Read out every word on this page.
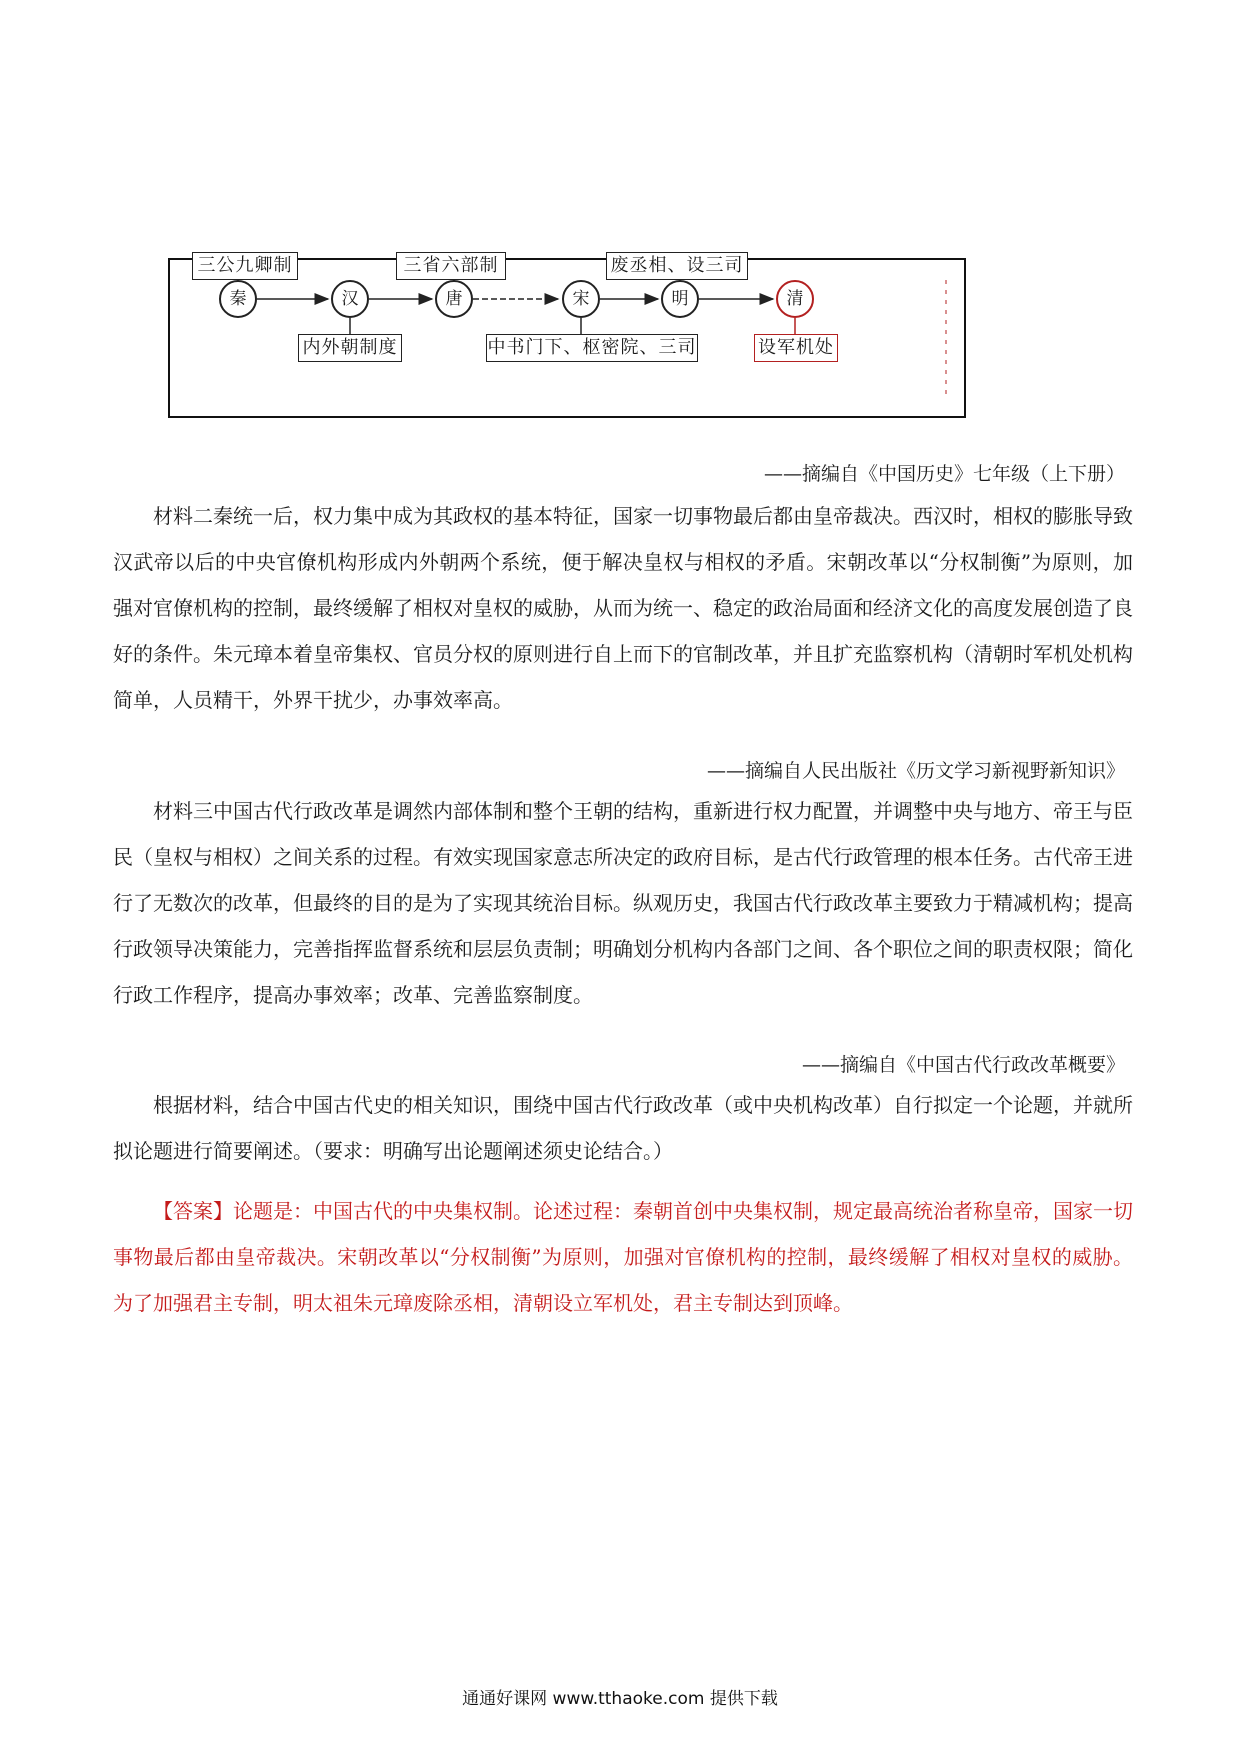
三公九卿制	三省六部制	废丞相、设三司
秦	汉	唐	宋	明	清
内外朝制度	中书门下、枢密院、三司	设军机处
——摘编自《中国历史》七年级（上下册）

材料二秦统一后，权力集中成为其政权的基本特征，国家一切事物最后都由皇帝裁决。西汉时，相权的膨胀导致汉武帝以后的中央官僚机构形成内外朝两个系统，便于解决皇权与相权的矛盾。宋朝改革以“分权制衡”为原则，加强对官僚机构的控制，最终缓解了相权对皇权的威胁，从而为统一、稳定的政治局面和经济文化的高度发展创造了良好的条件。朱元璋本着皇帝集权、官员分权的原则进行自上而下的官制改革，并且扩充监察机构（清朝时军机处机构简单，人员精干，外界干扰少，办事效率高。

——摘编自人民出版社《历文学习新视野新知识》

材料三中国古代行政改革是调然内部体制和整个王朝的结构，重新进行权力配置，并调整中央与地方、帝王与臣民（皇权与相权）之间关系的过程。有效实现国家意志所决定的政府目标，是古代行政管理的根本任务。古代帝王进行了无数次的改革，但最终的目的是为了实现其统治目标。纵观历史，我国古代行政改革主要致力于精减机构；提高行政领导决策能力，完善指挥监督系统和层层负责制；明确划分机构内各部门之间、各个职位之间的职责权限；简化行政工作程序，提高办事效率；改革、完善监察制度。

——摘编自《中国古代行政改革概要》

根据材料，结合中国古代史的相关知识，围绕中国古代行政改革（或中央机构改革）自行拟定一个论题，并就所拟论题进行简要阐述。（要求：明确写出论题阐述须史论结合。）

【答案】论题是：中国古代的中央集权制。论述过程：秦朝首创中央集权制，规定最高统治者称皇帝，国家一切事物最后都由皇帝裁决。宋朝改革以“分权制衡”为原则，加强对官僚机构的控制，最终缓解了相权对皇权的威胁。为了加强君主专制，明太祖朱元璋废除丞相，清朝设立军机处，君主专制达到顶峰。

通通好课网 www.tthaoke.com 提供下载
